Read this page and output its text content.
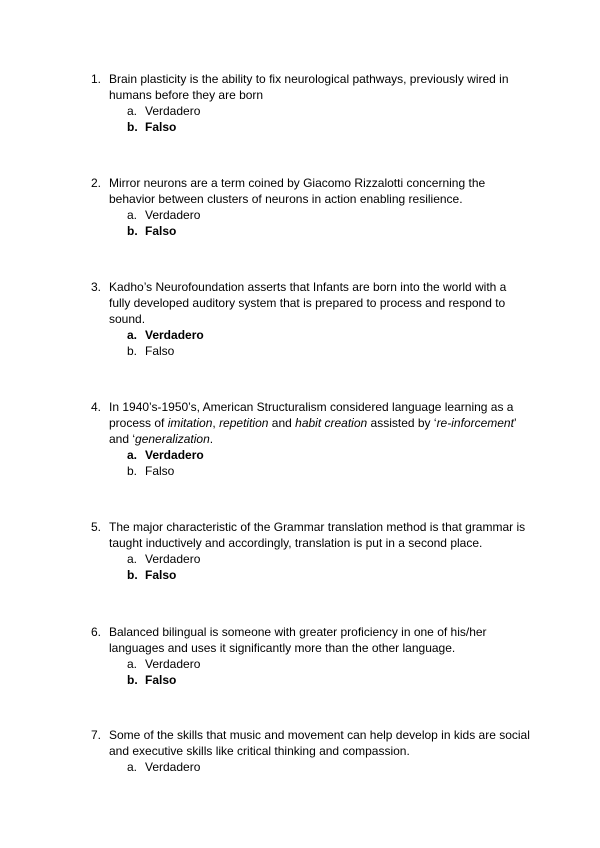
1. Brain plasticity is the ability to fix neurological pathways, previously wired in humans before they are born
a. Verdadero
b. Falso
2. Mirror neurons are a term coined by Giacomo Rizzalotti concerning the behavior between clusters of neurons in action enabling resilience.
a. Verdadero
b. Falso
3. Kadho’s Neurofoundation asserts that Infants are born into the world with a fully developed auditory system that is prepared to process and respond to sound.
a. Verdadero
b. Falso
4. In 1940’s-1950’s, American Structuralism considered language learning as a process of imitation, repetition and habit creation assisted by ‘re-inforcement’ and ‘generalization.
a. Verdadero
b. Falso
5. The major characteristic of the Grammar translation method is that grammar is taught inductively and accordingly, translation is put in a second place.
a. Verdadero
b. Falso
6. Balanced bilingual is someone with greater proficiency in one of his/her languages and uses it significantly more than the other language.
a. Verdadero
b. Falso
7. Some of the skills that music and movement can help develop in kids are social and executive skills like critical thinking and compassion.
a. Verdadero
